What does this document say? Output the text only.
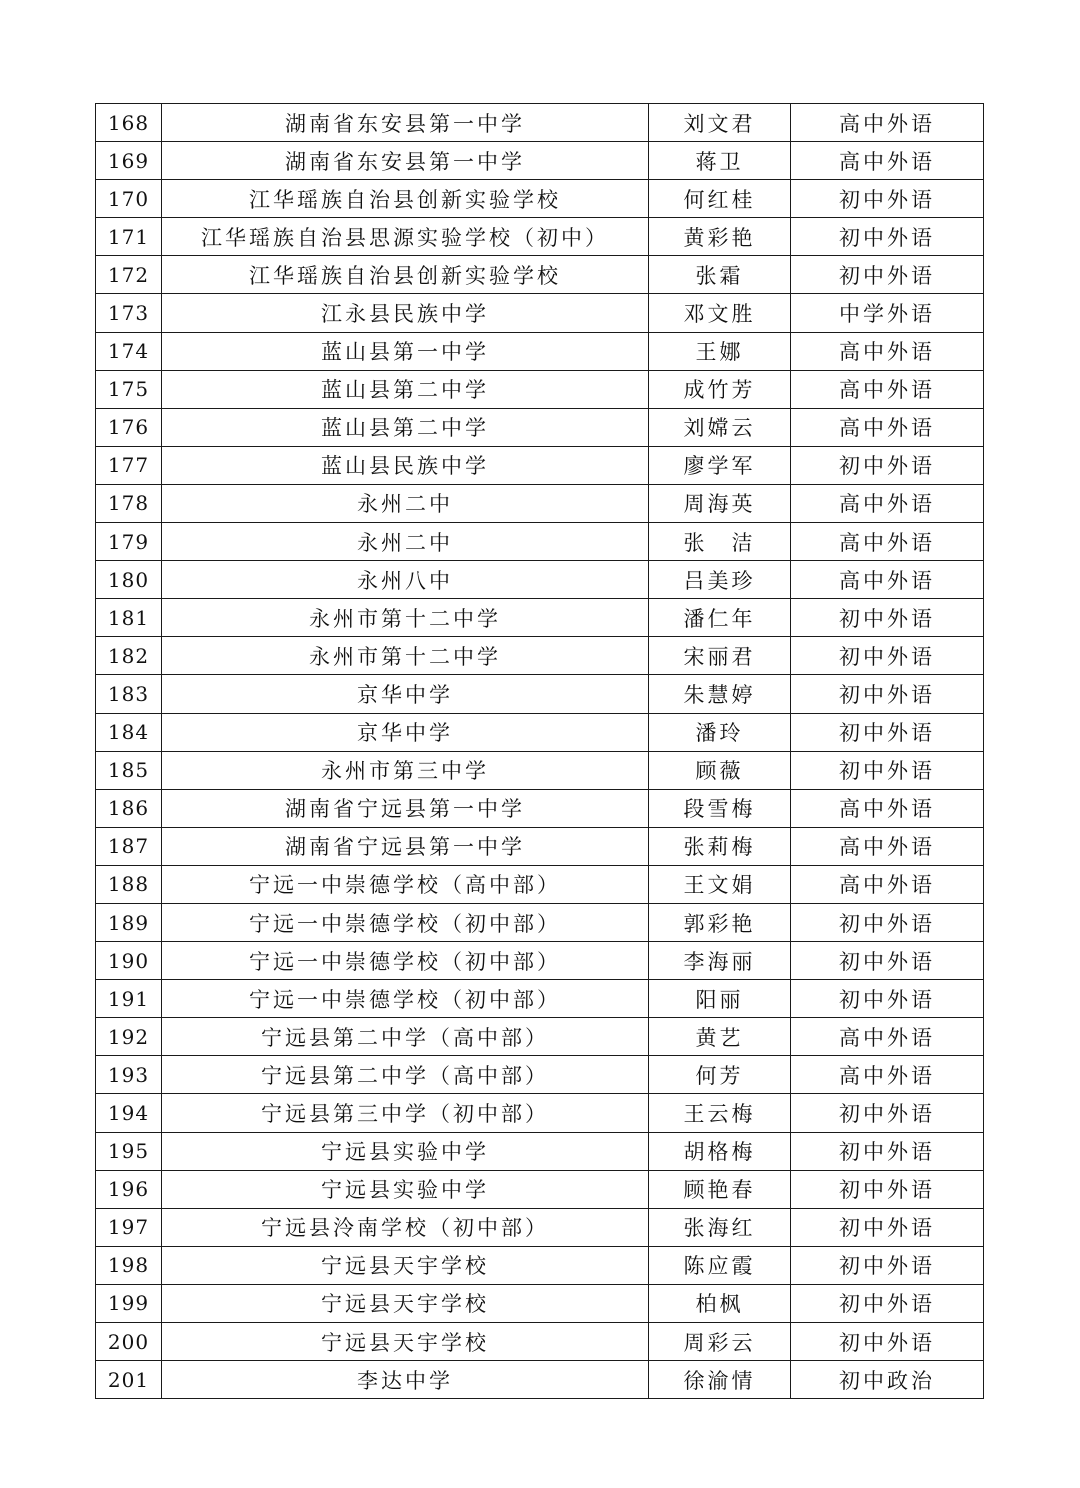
168	湖南省东安县第一中学	刘文君	高中外语
169	湖南省东安县第一中学	蒋卫	高中外语
170	江华瑶族自治县创新实验学校	何红桂	初中外语
171	江华瑶族自治县思源实验学校（初中）	黄彩艳	初中外语
172	江华瑶族自治县创新实验学校	张霜	初中外语
173	江永县民族中学	邓文胜	中学外语
174	蓝山县第一中学	王娜	高中外语
175	蓝山县第二中学	成竹芳	高中外语
176	蓝山县第二中学	刘嫦云	高中外语
177	蓝山县民族中学	廖学军	初中外语
178	永州二中	周海英	高中外语
179	永州二中	张　洁	高中外语
180	永州八中	吕美珍	高中外语
181	永州市第十二中学	潘仁年	初中外语
182	永州市第十二中学	宋丽君	初中外语
183	京华中学	朱慧婷	初中外语
184	京华中学	潘玲	初中外语
185	永州市第三中学	顾薇	初中外语
186	湖南省宁远县第一中学	段雪梅	高中外语
187	湖南省宁远县第一中学	张莉梅	高中外语
188	宁远一中崇德学校（高中部）	王文娟	高中外语
189	宁远一中崇德学校（初中部）	郭彩艳	初中外语
190	宁远一中崇德学校（初中部）	李海丽	初中外语
191	宁远一中崇德学校（初中部）	阳丽	初中外语
192	宁远县第二中学（高中部）	黄艺	高中外语
193	宁远县第二中学（高中部）	何芳	高中外语
194	宁远县第三中学（初中部）	王云梅	初中外语
195	宁远县实验中学	胡格梅	初中外语
196	宁远县实验中学	顾艳春	初中外语
197	宁远县泠南学校（初中部）	张海红	初中外语
198	宁远县天宇学校	陈应霞	初中外语
199	宁远县天宇学校	柏枫	初中外语
200	宁远县天宇学校	周彩云	初中外语
201	李达中学	徐渝情	初中政治
